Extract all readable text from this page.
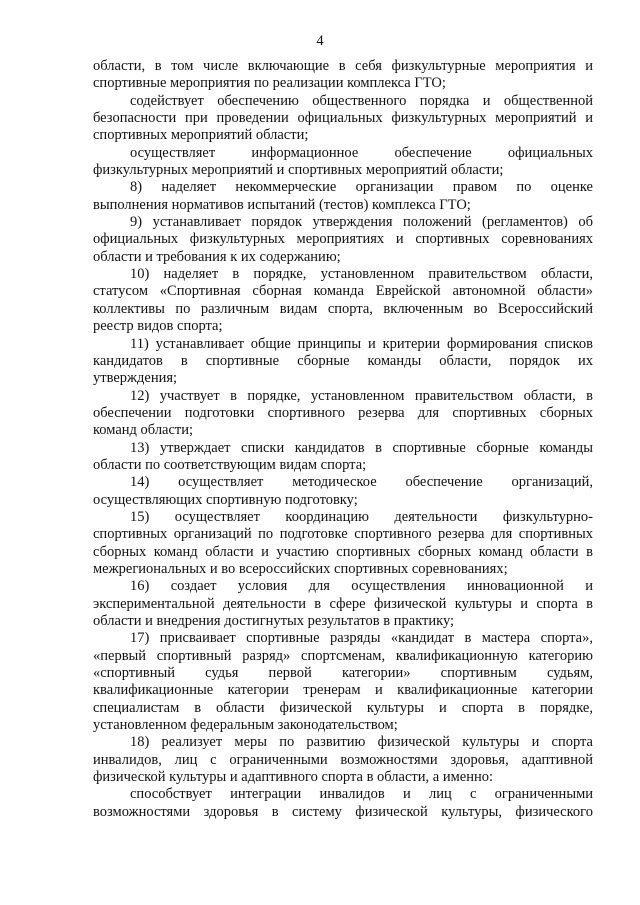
4
области, в том числе включающие в себя физкультурные мероприятия и
спортивные мероприятия по реализации комплекса ГТО;
содействует обеспечению общественного порядка и общественной
безопасности при проведении официальных физкультурных мероприятий и
спортивных мероприятий области;
осуществляет информационное обеспечение официальных
физкультурных мероприятий и спортивных мероприятий области;
8) наделяет некоммерческие организации правом по оценке
выполнения нормативов испытаний (тестов) комплекса ГТО;
9) устанавливает порядок утверждения положений (регламентов) об
официальных физкультурных мероприятиях и спортивных соревнованиях
области и требования к их содержанию;
10) наделяет в порядке, установленном правительством области,
статусом «Спортивная сборная команда Еврейской автономной области»
коллективы по различным видам спорта, включенным во Всероссийский
реестр видов спорта;
11) устанавливает общие принципы и критерии формирования списков
кандидатов в спортивные сборные команды области, порядок их
утверждения;
12) участвует в порядке, установленном правительством области, в
обеспечении подготовки спортивного резерва для спортивных сборных
команд области;
13) утверждает списки кандидатов в спортивные сборные команды
области по соответствующим видам спорта;
14) осуществляет методическое обеспечение организаций,
осуществляющих спортивную подготовку;
15) осуществляет координацию деятельности физкультурно-
спортивных организаций по подготовке спортивного резерва для спортивных
сборных команд области и участию спортивных сборных команд области в
межрегиональных и во всероссийских спортивных соревнованиях;
16) создает условия для осуществления инновационной и
экспериментальной деятельности в сфере физической культуры и спорта в
области и внедрения достигнутых результатов в практику;
17) присваивает спортивные разряды «кандидат в мастера спорта»,
«первый спортивный разряд» спортсменам, квалификационную категорию
«спортивный судья первой категории» спортивным судьям,
квалификационные категории тренерам и квалификационные категории
специалистам в области физической культуры и спорта в порядке,
установленном федеральным законодательством;
18) реализует меры по развитию физической культуры и спорта
инвалидов, лиц с ограниченными возможностями здоровья, адаптивной
физической культуры и адаптивного спорта в области, а именно:
способствует интеграции инвалидов и лиц с ограниченными
возможностями здоровья в систему физической культуры, физического
